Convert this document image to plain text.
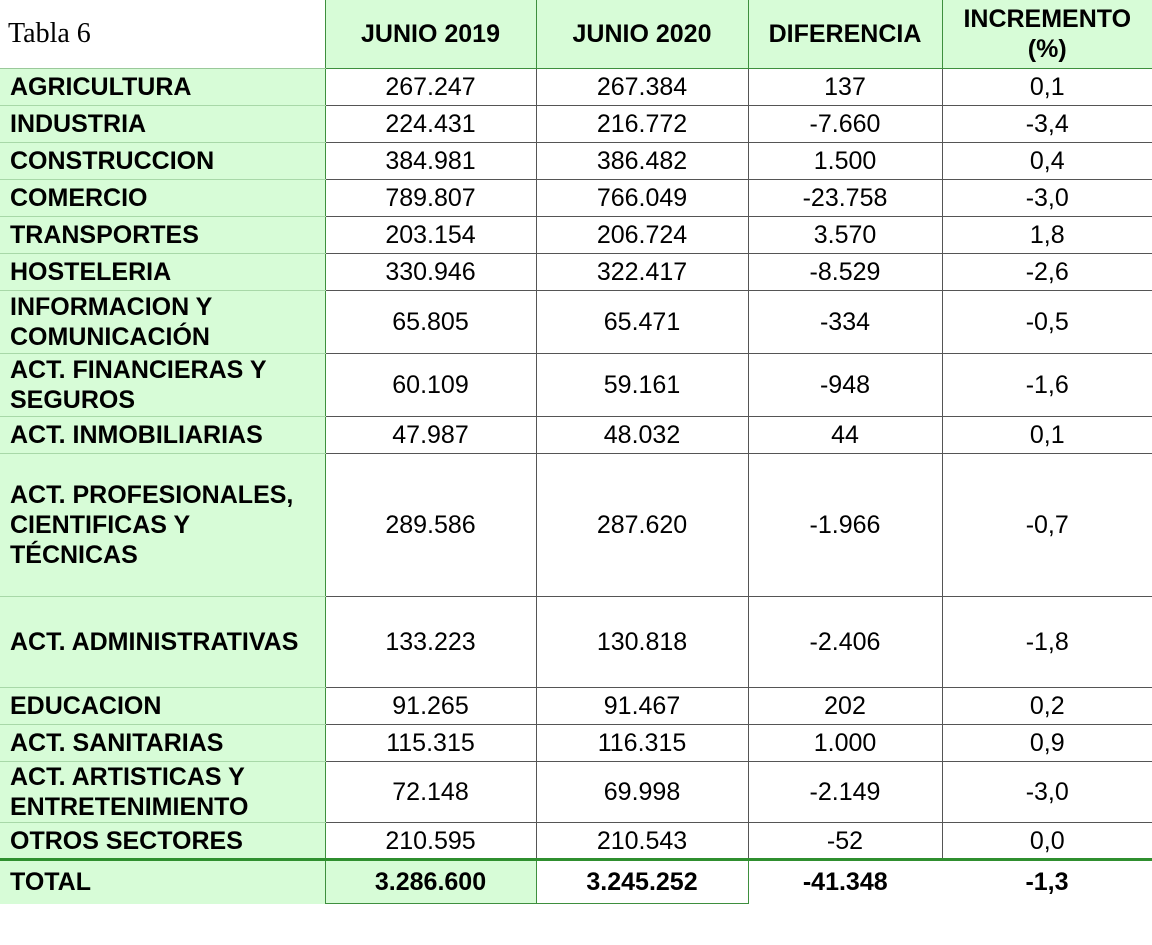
Tabla 6	JUNIO 2019	JUNIO 2020	DIFERENCIA	INCREMENTO (%)
AGRICULTURA	267.247	267.384	137	0,1
INDUSTRIA	224.431	216.772	-7.660	-3,4
CONSTRUCCION	384.981	386.482	1.500	0,4
COMERCIO	789.807	766.049	-23.758	-3,0
TRANSPORTES	203.154	206.724	3.570	1,8
HOSTELERIA	330.946	322.417	-8.529	-2,6
INFORMACION Y COMUNICACIÓN	65.805	65.471	-334	-0,5
ACT. FINANCIERAS Y SEGUROS	60.109	59.161	-948	-1,6
ACT. INMOBILIARIAS	47.987	48.032	44	0,1
ACT. PROFESIONALES, CIENTIFICAS Y TÉCNICAS	289.586	287.620	-1.966	-0,7
ACT. ADMINISTRATIVAS	133.223	130.818	-2.406	-1,8
EDUCACION	91.265	91.467	202	0,2
ACT. SANITARIAS	115.315	116.315	1.000	0,9
ACT. ARTISTICAS Y ENTRETENIMIENTO	72.148	69.998	-2.149	-3,0
OTROS SECTORES	210.595	210.543	-52	0,0
TOTAL	3.286.600	3.245.252	-41.348	-1,3
